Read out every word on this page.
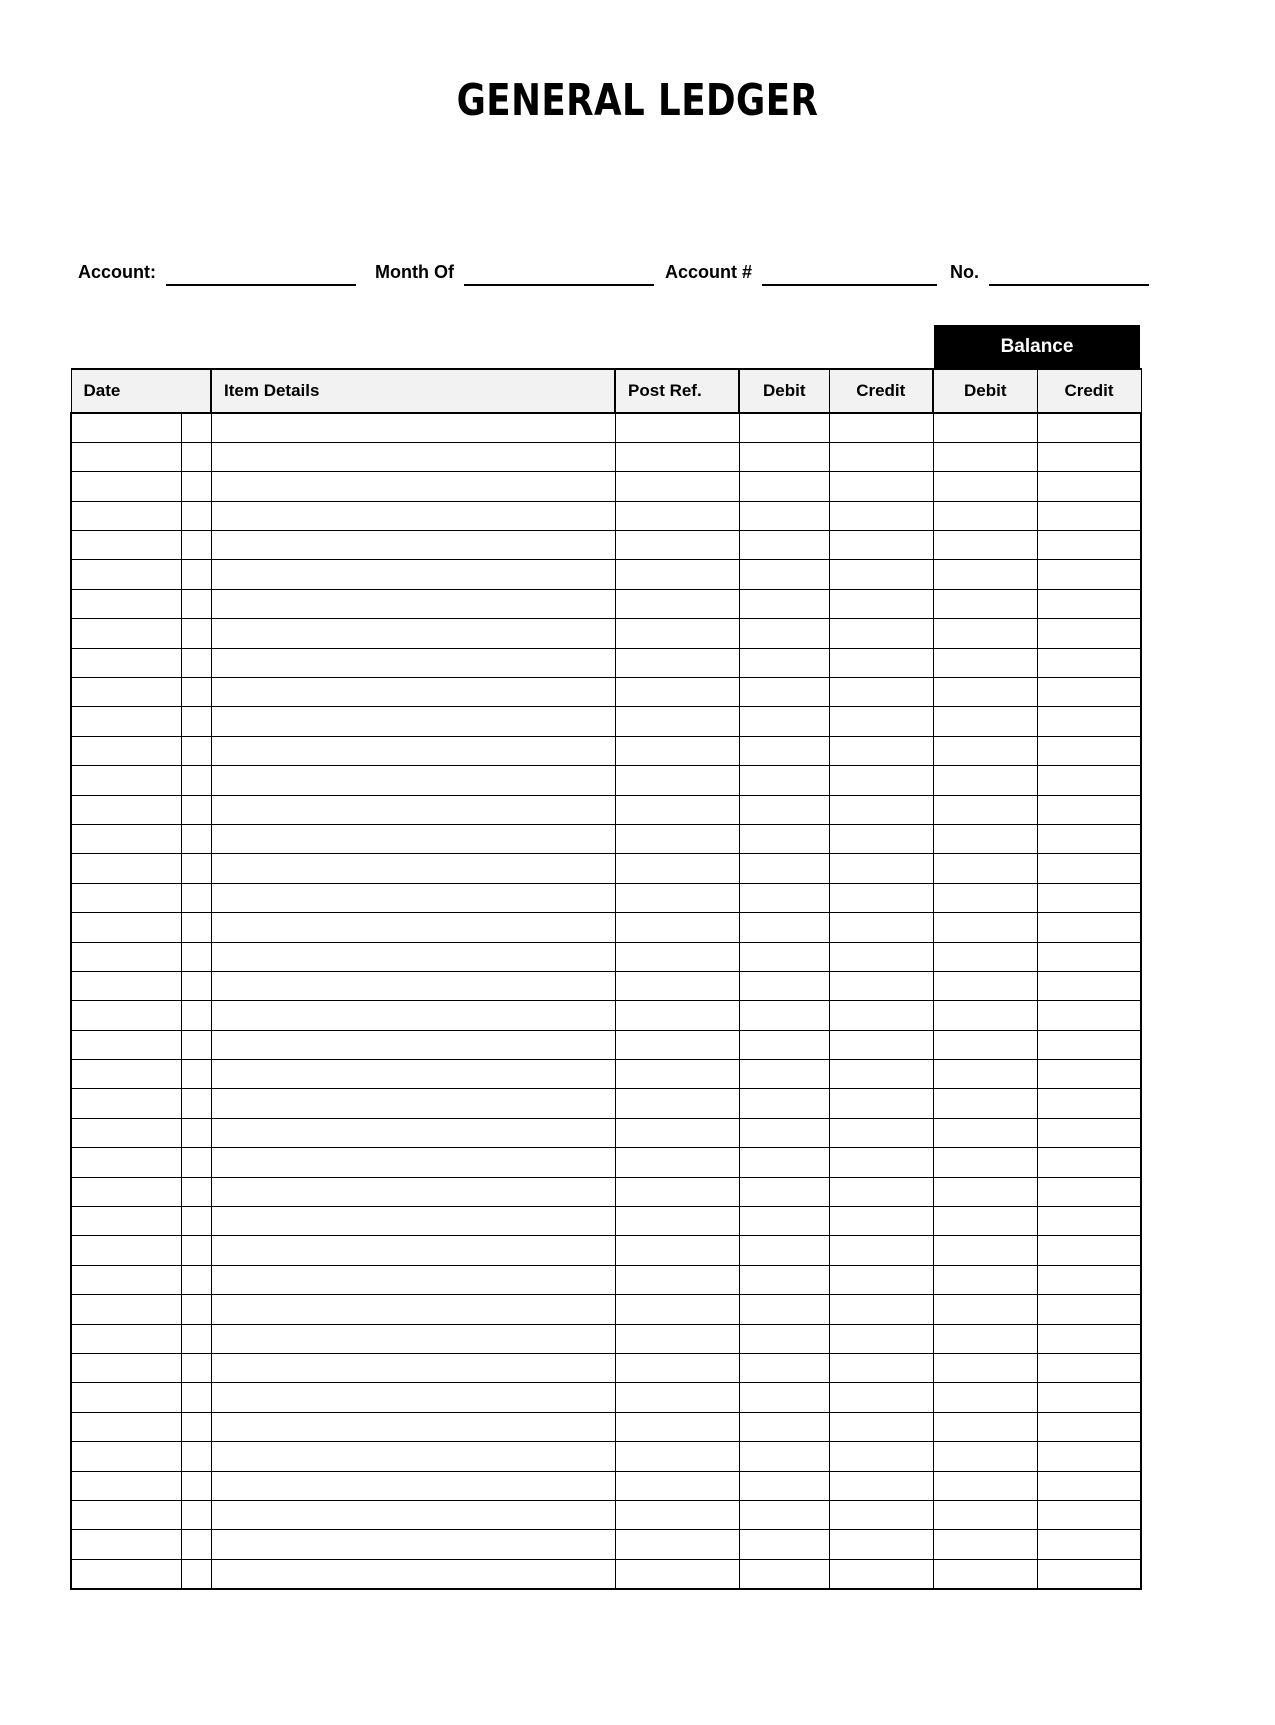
GENERAL LEDGER
Account:	Month Of	Account #	No.
Balance
Date		Item Details	Post Ref.	Debit	Credit	Debit	Credit
